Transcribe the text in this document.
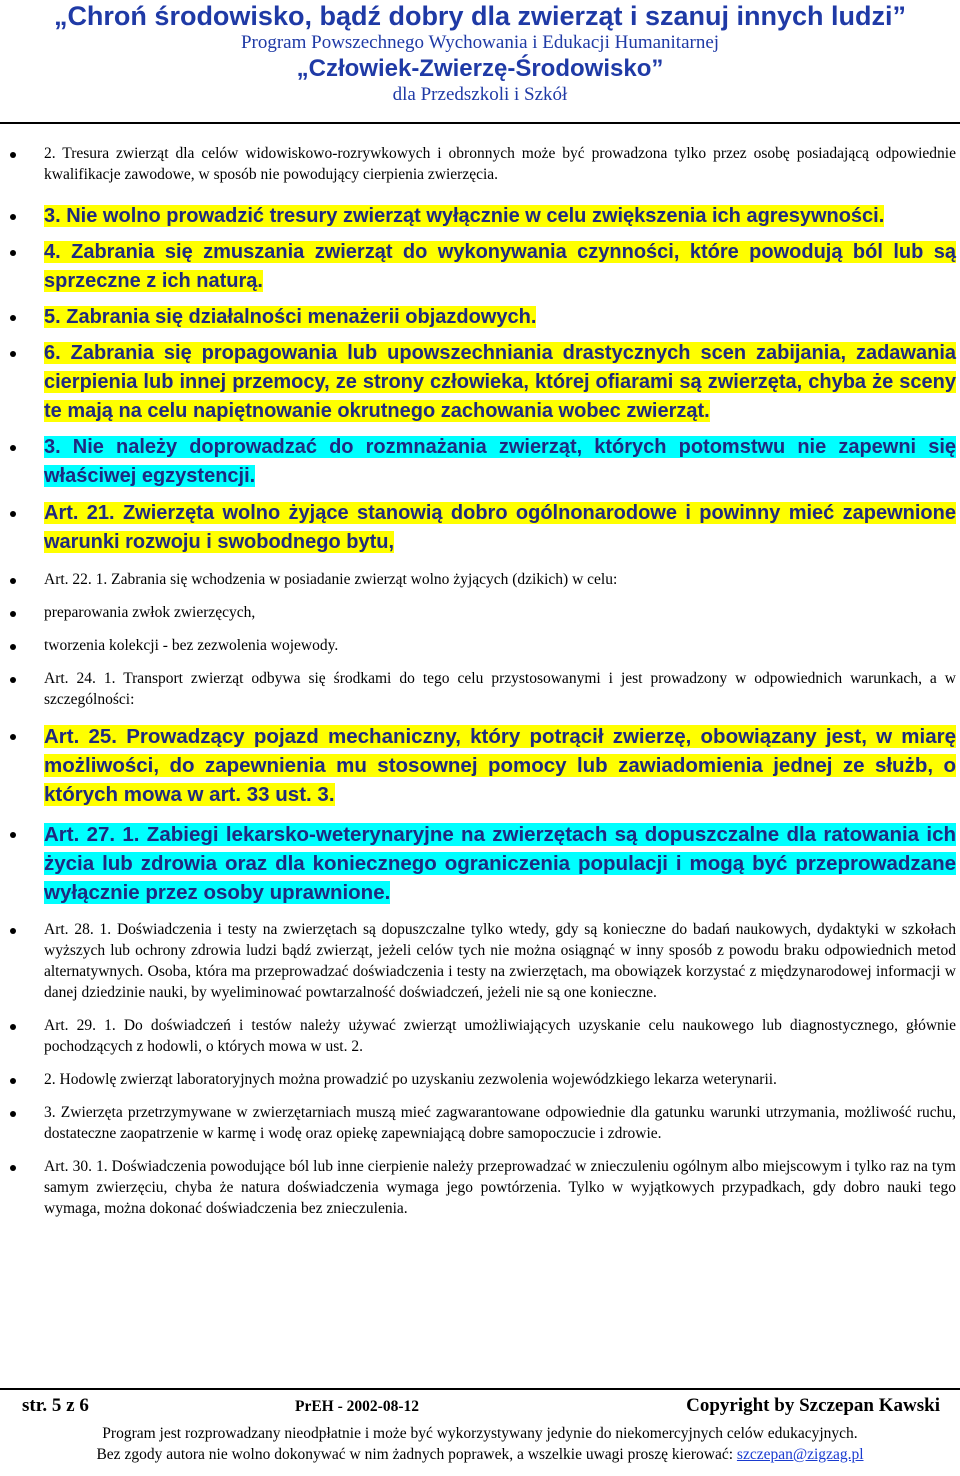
„Chroń środowisko, bądź dobry dla zwierząt i szanuj innych ludzi”
Program Powszechnego Wychowania i Edukacji Humanitarnej
„Człowiek-Zwierzę-Środowisko”
dla Przedszkoli i Szkół
2. Tresura zwierząt dla celów widowiskowo-rozrywkowych i obronnych może być prowadzona tylko przez osobę posiadającą odpowiednie kwalifikacje zawodowe, w sposób nie powodujący cierpienia zwierzęcia.
3. Nie wolno prowadzić tresury zwierząt wyłącznie w celu zwiększenia ich agresywności.
4. Zabrania się zmuszania zwierząt do wykonywania czynności, które powodują ból lub są sprzeczne z ich naturą.
5. Zabrania się działalności menażerii objazdowych.
6. Zabrania się propagowania lub upowszechniania drastycznych scen zabijania, zadawania cierpienia lub innej przemocy, ze strony człowieka, której ofiarami są zwierzęta, chyba że sceny te mają na celu napiętnowanie okrutnego zachowania wobec zwierząt.
3. Nie należy doprowadzać do rozmnażania zwierząt, których potomstwu nie zapewni się właściwej egzystencji.
Art. 21. Zwierzęta wolno żyjące stanowią dobro ogólnonarodowe i powinny mieć zapewnione warunki rozwoju i swobodnego bytu,
Art. 22. 1. Zabrania się wchodzenia w posiadanie zwierząt wolno żyjących (dzikich) w celu:
preparowania zwłok zwierzęcych,
tworzenia kolekcji - bez zezwolenia wojewody.
Art. 24. 1. Transport zwierząt odbywa się środkami do tego celu przystosowanymi i jest prowadzony w odpowiednich warunkach, a w szczególności:
Art. 25. Prowadzący pojazd mechaniczny, który potrącił zwierzę, obowiązany jest, w miarę możliwości, do zapewnienia mu stosownej pomocy lub zawiadomienia jednej ze służb, o których mowa w art. 33 ust. 3.
Art. 27. 1. Zabiegi lekarsko-weterynaryjne na zwierzętach są dopuszczalne dla ratowania ich życia lub zdrowia oraz dla koniecznego ograniczenia populacji i mogą być przeprowadzane wyłącznie przez osoby uprawnione.
Art. 28. 1. Doświadczenia i testy na zwierzętach są dopuszczalne tylko wtedy, gdy są konieczne do badań naukowych, dydaktyki w szkołach wyższych lub ochrony zdrowia ludzi bądź zwierząt, jeżeli celów tych nie można osiągnąć w inny sposób z powodu braku odpowiednich metod alternatywnych. Osoba, która ma przeprowadzać doświadczenia i testy na zwierzętach, ma obowiązek korzystać z międzynarodowej informacji w danej dziedzinie nauki, by wyeliminować powtarzalność doświadczeń, jeżeli nie są one konieczne.
Art. 29. 1. Do doświadczeń i testów należy używać zwierząt umożliwiających uzyskanie celu naukowego lub diagnostycznego, głównie pochodzących z hodowli, o których mowa w ust. 2.
2. Hodowlę zwierząt laboratoryjnych można prowadzić po uzyskaniu zezwolenia wojewódzkiego lekarza weterynarii.
3. Zwierzęta przetrzymywane w zwierzętarniach muszą mieć zagwarantowane odpowiednie dla gatunku warunki utrzymania, możliwość ruchu, dostateczne zaopatrzenie w karmę i wodę oraz opiekę zapewniającą dobre samopoczucie i zdrowie.
Art. 30. 1. Doświadczenia powodujące ból lub inne cierpienie należy przeprowadzać w znieczuleniu ogólnym albo miejscowym i tylko raz na tym samym zwierzęciu, chyba że natura doświadczenia wymaga jego powtórzenia. Tylko w wyjątkowych przypadkach, gdy dobro nauki tego wymaga, można dokonać doświadczenia bez znieczulenia.
str. 5 z 6	PrEH - 2002-08-12	Copyright by Szczepan Kawski
Program jest rozprowadzany nieodpłatnie i może być wykorzystywany jedynie do niekomercyjnych celów edukacyjnych.
Bez zgody autora nie wolno dokonywać w nim żadnych poprawek, a wszelkie uwagi proszę kierować: szczepan@zigzag.pl
